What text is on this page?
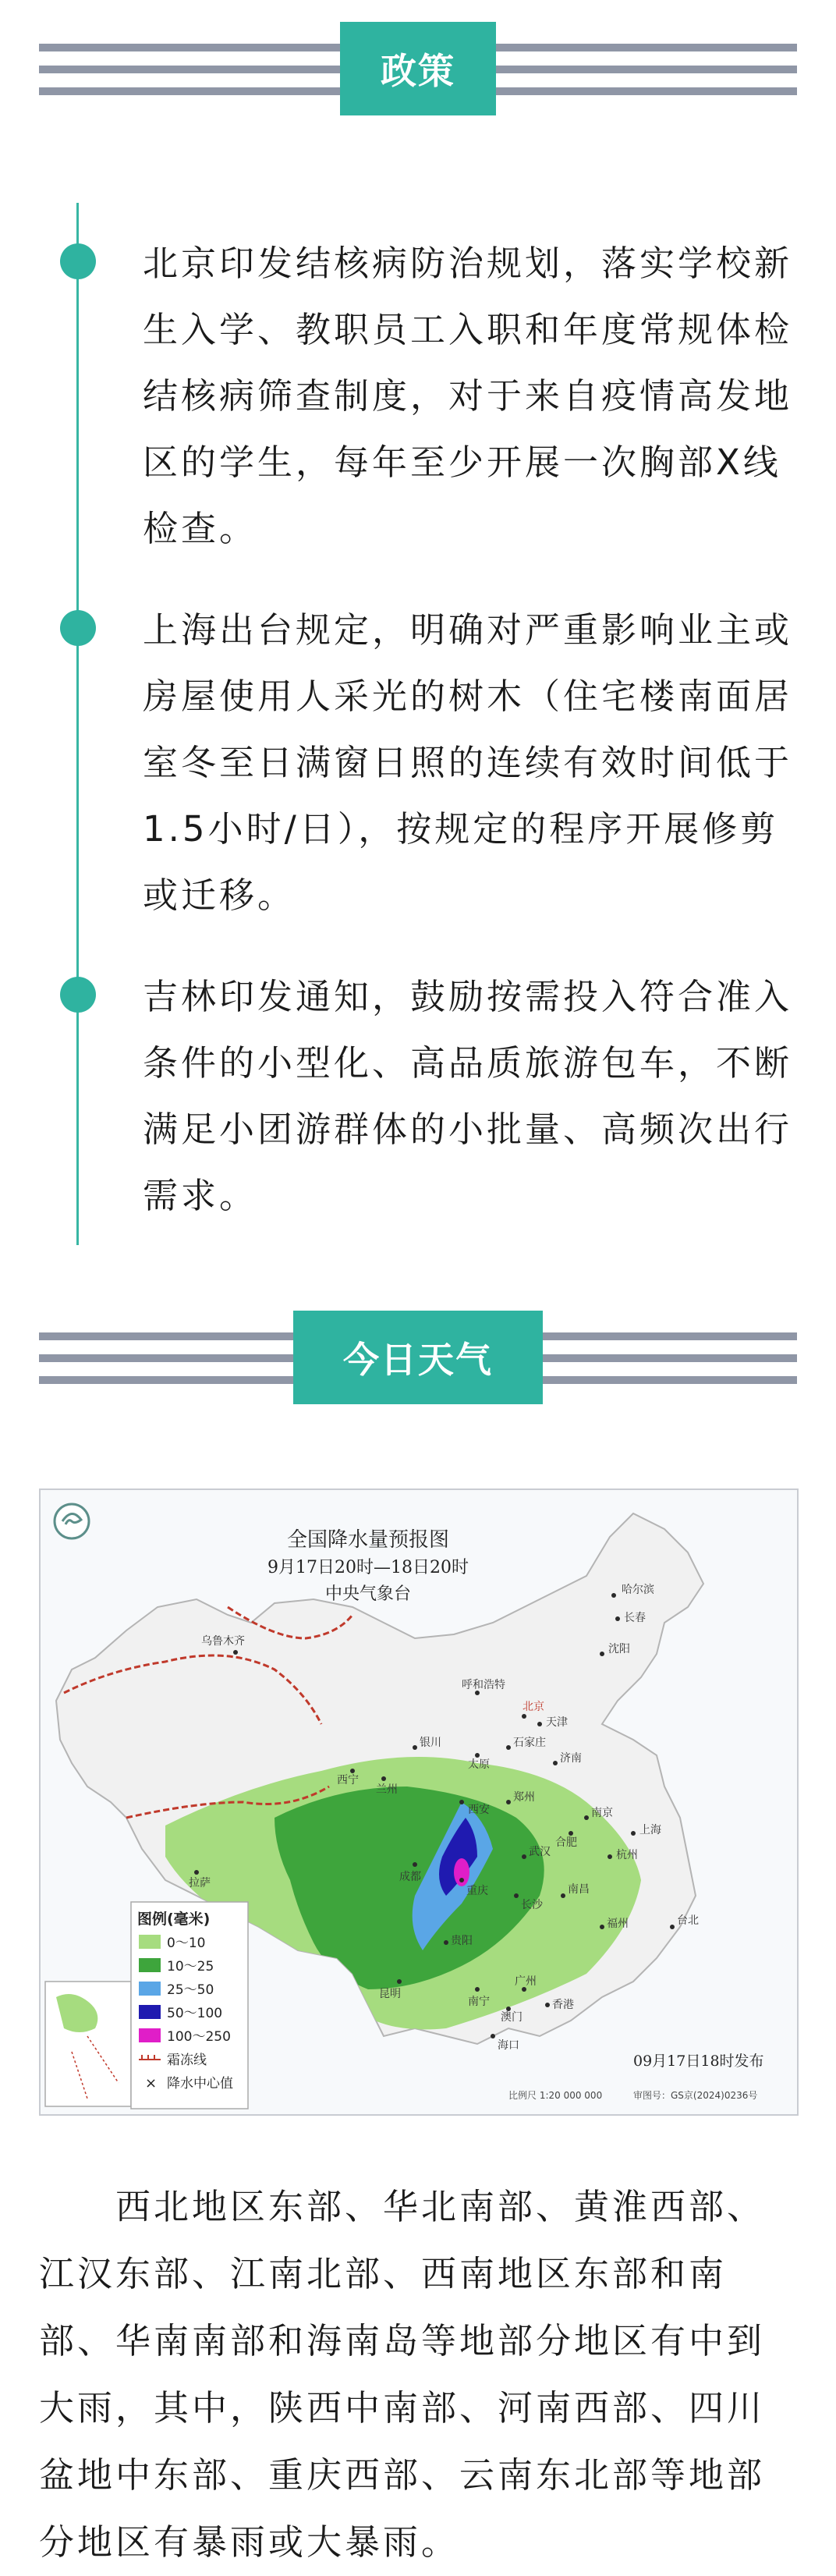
政策

北京印发结核病防治规划，落实学校新生入学、教职员工入职和年度常规体检结核病筛查制度，对于来自疫情高发地区的学生，每年至少开展一次胸部X线检查。

上海出台规定，明确对严重影响业主或房屋使用人采光的树木（住宅楼南面居室冬至日满窗日照的连续有效时间低于1.5小时/日），按规定的程序开展修剪或迁移。

吉林印发通知，鼓励按需投入符合准入条件的小型化、高品质旅游包车，不断满足小团游群体的小批量、高频次出行需求。

今日天气
全国降水量预报图
9月17日20时—18日20时
中央气象台
图例(毫米)
0～10
10～25
25～50
50～100
100～250
霜冻线
× 降水中心值
09月17日18时发布
比例尺 1:20 000 000	审图号：GS京(2024)0236号
乌鲁木齐
哈尔滨
长春
沈阳
呼和浩特
北京
天津
石家庄
太原	济南
银川
西宁
兰州
西安
郑州
南京
合肥
上海
武汉
成都
重庆
长沙
南昌
杭州
福州	台北
贵阳
昆明
南宁
广州
香港
澳门
海口
拉萨

西北地区东部、华北南部、黄淮西部、江汉东部、江南北部、西南地区东部和南部、华南南部和海南岛等地部分地区有中到大雨，其中，陕西中南部、河南西部、四川盆地中东部、重庆西部、云南东北部等地部分地区有暴雨或大暴雨。
